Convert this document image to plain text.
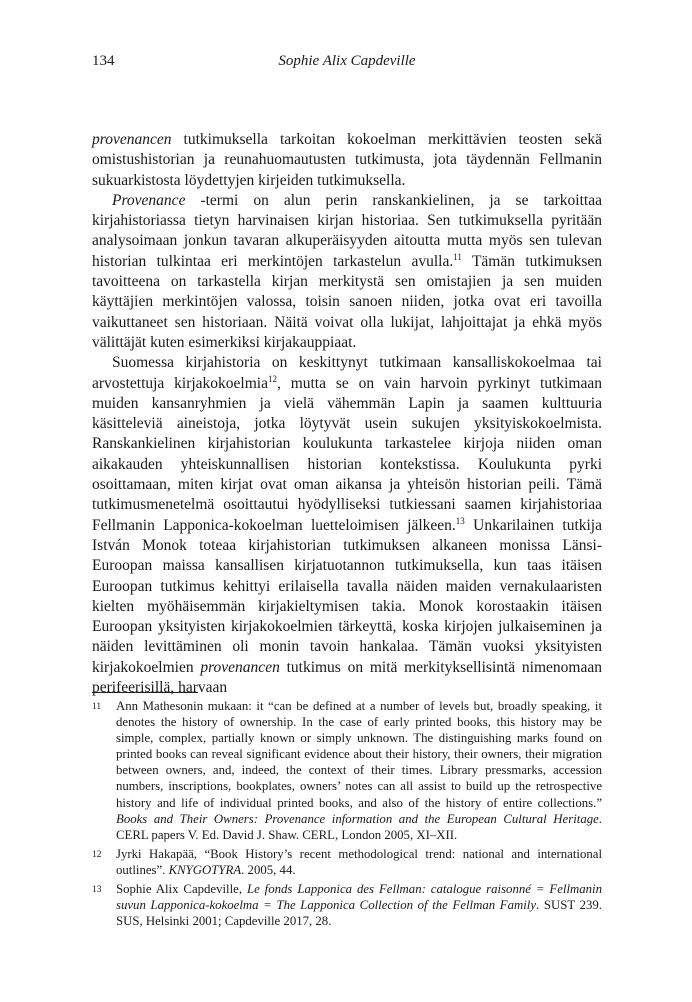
134	Sophie Alix Capdeville

provenancen tutkimuksella tarkoitan kokoelman merkittävien teosten sekä omistushistorian ja reunahuomautusten tutkimusta, jota täydennän Fellmanin sukuarkistosta löydettyjen kirjeiden tutkimuksella.

Provenance -termi on alun perin ranskankielinen, ja se tarkoittaa kirjahistoriassa tietyn harvinaisen kirjan historiaa. Sen tutkimuksella pyritään analysoimaan jonkun tavaran alkuperäisyyden aitoutta mutta myös sen tulevan historian tulkintaa eri merkintöjen tarkastelun avulla.$^{11}$ Tämän tutkimuksen tavoitteena on tarkastella kirjan merkitystä sen omistajien ja sen muiden käyttäjien merkintöjen valossa, toisin sanoen niiden, jotka ovat eri tavoilla vaikuttaneet sen historiaan. Näitä voivat olla lukijat, lahjoittajat ja ehkä myös välittäjät kuten esimerkiksi kirjakauppiaat.

Suomessa kirjahistoria on keskittynyt tutkimaan kansalliskokoelmaa tai arvostettuja kirjakokoelmia$^{12}$, mutta se on vain harvoin pyrkinyt tutkimaan muiden kansanryhmien ja vielä vähemmän Lapin ja saamen kulttuuria käsitteleviä aineistoja, jotka löytyvät usein sukujen yksityiskokoelmista. Ranskankielinen kirjahistorian koulukunta tarkastelee kirjoja niiden oman aikakauden yhteiskunnallisen historian kontekstissa. Koulukunta pyrki osoittamaan, miten kirjat ovat oman aikansa ja yhteisön historian peili. Tämä tutkimusmenetelmä osoittautui hyödylliseksi tutkiessani saamen kirjahistoriaa Fellmanin Lapponica-kokoelman luetteloimisen jälkeen.$^{13}$ Unkarilainen tutkija István Monok toteaa kirjahistorian tutkimuksen alkaneen monissa Länsi-Euroopan maissa kansallisen kirjatuotannon tutkimuksella, kun taas itäisen Euroopan tutkimus kehittyi erilaisella tavalla näiden maiden vernakulaaristen kielten myöhäisemmän kirjakieltymisen takia. Monok korostaakin itäisen Euroopan yksityisten kirjakokoelmien tärkeyttä, koska kirjojen julkaiseminen ja näiden levittäminen oli monin tavoin hankalaa. Tämän vuoksi yksityisten kirjakokoelmien provenancen tutkimus on mitä merkityksellisintä nimenomaan perifeerisillä, harvaan

11 Ann Mathesonin mukaan: it “can be defined at a number of levels but, broadly speaking, it denotes the history of ownership. In the case of early printed books, this history may be simple, complex, partially known or simply unknown. The distinguishing marks found on printed books can reveal significant evidence about their history, their owners, their migration between owners, and, indeed, the context of their times. Library pressmarks, accession numbers, inscriptions, bookplates, owners’ notes can all assist to build up the retrospective history and life of individual printed books, and also of the history of entire collections.” Books and Their Owners: Provenance information and the European Cultural Heritage. CERL papers V. Ed. David J. Shaw. CERL, London 2005, XI–XII.
12 Jyrki Hakapää, “Book History’s recent methodological trend: national and international outlines”. KNYGOTYRA. 2005, 44.
13 Sophie Alix Capdeville, Le fonds Lapponica des Fellman: catalogue raisonné = Fellmanin suvun Lapponica-kokoelma = The Lapponica Collection of the Fellman Family. SUST 239. SUS, Helsinki 2001; Capdeville 2017, 28.
